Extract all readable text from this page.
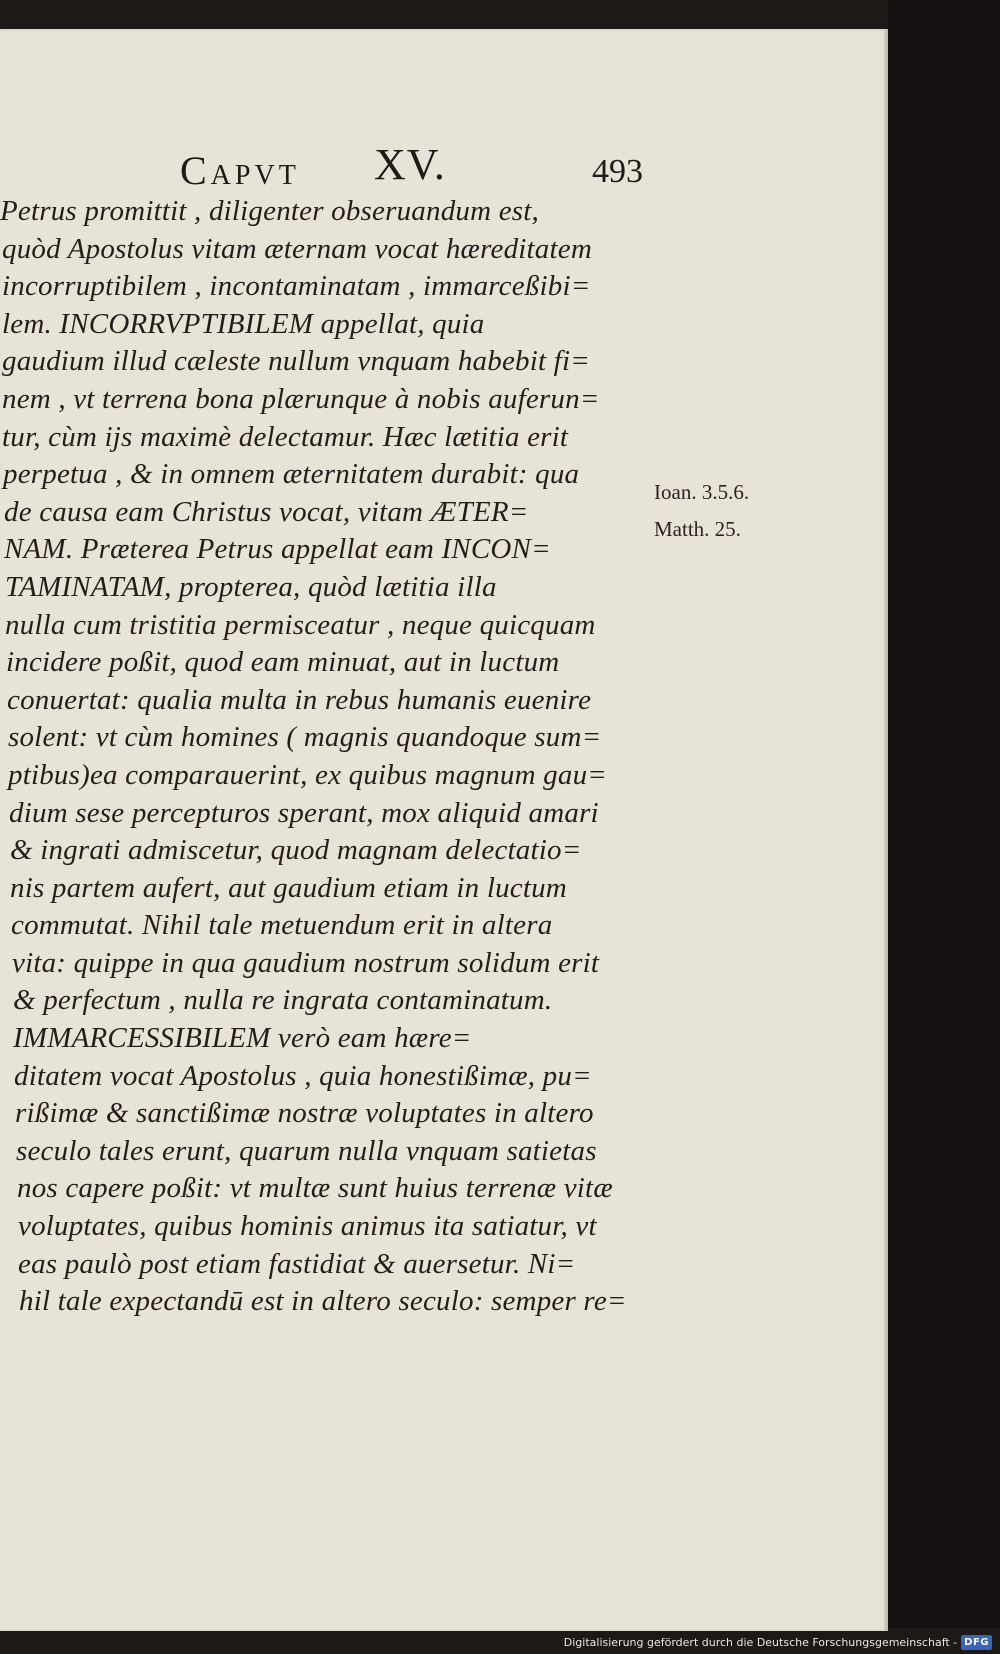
Capvt XV.	493
Petrus promittit , diligenter obseruandum est,
quòd Apostolus vitam æternam vocat hæreditatem
incorruptibilem , incontaminatam , immarceßibi=
lem. INCORRVPTIBILEM appellat, quia
gaudium illud cæleste nullum vnquam habebit fi=
nem , vt terrena bona plærunque à nobis auferun=
tur, cùm ijs maximè delectamur. Hæc lætitia erit
perpetua , & in omnem æternitatem durabit: qua
de causa eam Christus vocat, vitam ÆTER=
NAM. Præterea Petrus appellat eam INCON=
TAMINATAM, propterea, quòd lætitia illa
nulla cum tristitia permisceatur , neque quicquam
incidere poßit, quod eam minuat, aut in luctum
conuertat: qualia multa in rebus humanis euenire
solent: vt cùm homines ( magnis quandoque sum=
ptibus)ea comparauerint, ex quibus magnum gau=
dium sese percepturos sperant, mox aliquid amari
& ingrati admiscetur, quod magnam delectatio=
nis partem aufert, aut gaudium etiam in luctum
commutat. Nihil tale metuendum erit in altera
vita: quippe in qua gaudium nostrum solidum erit
& perfectum , nulla re ingrata contaminatum.
IMMARCESSIBILEM verò eam hære=
ditatem vocat Apostolus , quia honestißimæ, pu=
rißimæ & sanctißimæ nostræ voluptates in altero
seculo tales erunt, quarum nulla vnquam satietas
nos capere poßit: vt multæ sunt huius terrenæ vitæ
voluptates, quibus hominis animus ita satiatur, vt
eas paulò post etiam fastidiat & auersetur. Ni=
hil tale expectandū est in altero seculo: semper re=
Ioan. 3.5.6.
Matth. 25.
Digitalisierung gefördert durch die Deutsche Forschungsgemeinschaft - DFG
